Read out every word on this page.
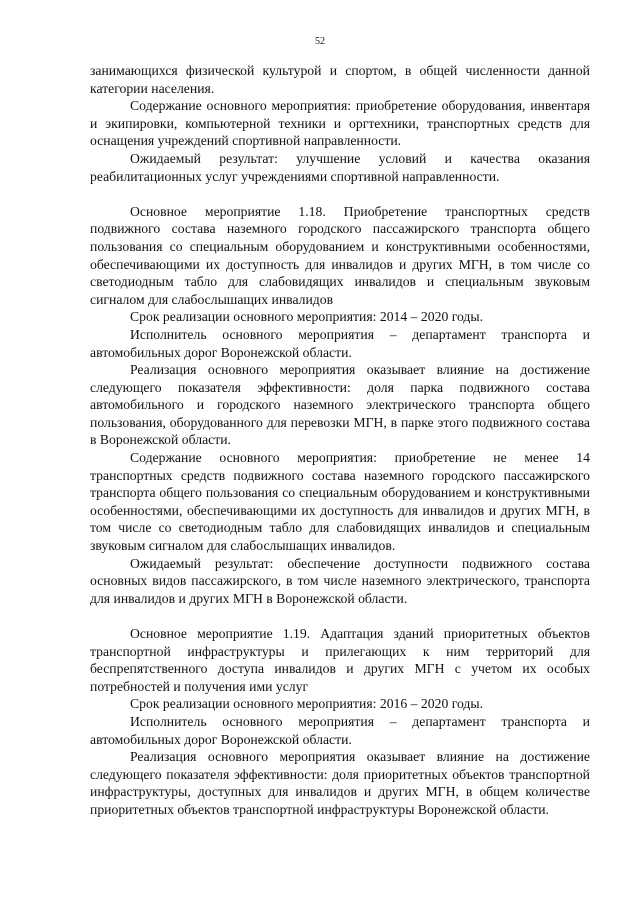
52

занимающихся физической культурой и спортом, в общей численности данной категории населения.

Содержание основного мероприятия: приобретение оборудования, инвентаря и экипировки, компьютерной техники и оргтехники, транспортных средств для оснащения учреждений спортивной направленности.

Ожидаемый результат: улучшение условий и качества оказания реабилитационных услуг учреждениями спортивной направленности.

Основное мероприятие 1.18. Приобретение транспортных средств подвижного состава наземного городского пассажирского транспорта общего пользования со специальным оборудованием и конструктивными особенностями, обеспечивающими их доступность для инвалидов и других МГН, в том числе со светодиодным табло для слабовидящих инвалидов и специальным звуковым сигналом для слабослышащих инвалидов

Срок реализации основного мероприятия: 2014 – 2020 годы.

Исполнитель основного мероприятия – департамент транспорта и автомобильных дорог Воронежской области.

Реализация основного мероприятия оказывает влияние на достижение следующего показателя эффективности: доля парка подвижного состава автомобильного и городского наземного электрического транспорта общего пользования, оборудованного для перевозки МГН, в парке этого подвижного состава в Воронежской области.

Содержание основного мероприятия: приобретение не менее 14 транспортных средств подвижного состава наземного городского пассажирского транспорта общего пользования со специальным оборудованием и конструктивными особенностями, обеспечивающими их доступность для инвалидов и других МГН, в том числе со светодиодным табло для слабовидящих инвалидов и специальным звуковым сигналом для слабослышащих инвалидов.

Ожидаемый результат: обеспечение доступности подвижного состава основных видов пассажирского, в том числе наземного электрического, транспорта для инвалидов и других МГН в Воронежской области.

Основное мероприятие 1.19. Адаптация зданий приоритетных объектов транспортной инфраструктуры и прилегающих к ним территорий для беспрепятственного доступа инвалидов и других МГН с учетом их особых потребностей и получения ими услуг

Срок реализации основного мероприятия: 2016 – 2020 годы.

Исполнитель основного мероприятия – департамент транспорта и автомобильных дорог Воронежской области.

Реализация основного мероприятия оказывает влияние на достижение следующего показателя эффективности: доля приоритетных объектов транспортной инфраструктуры, доступных для инвалидов и других МГН, в общем количестве приоритетных объектов транспортной инфраструктуры Воронежской области.
